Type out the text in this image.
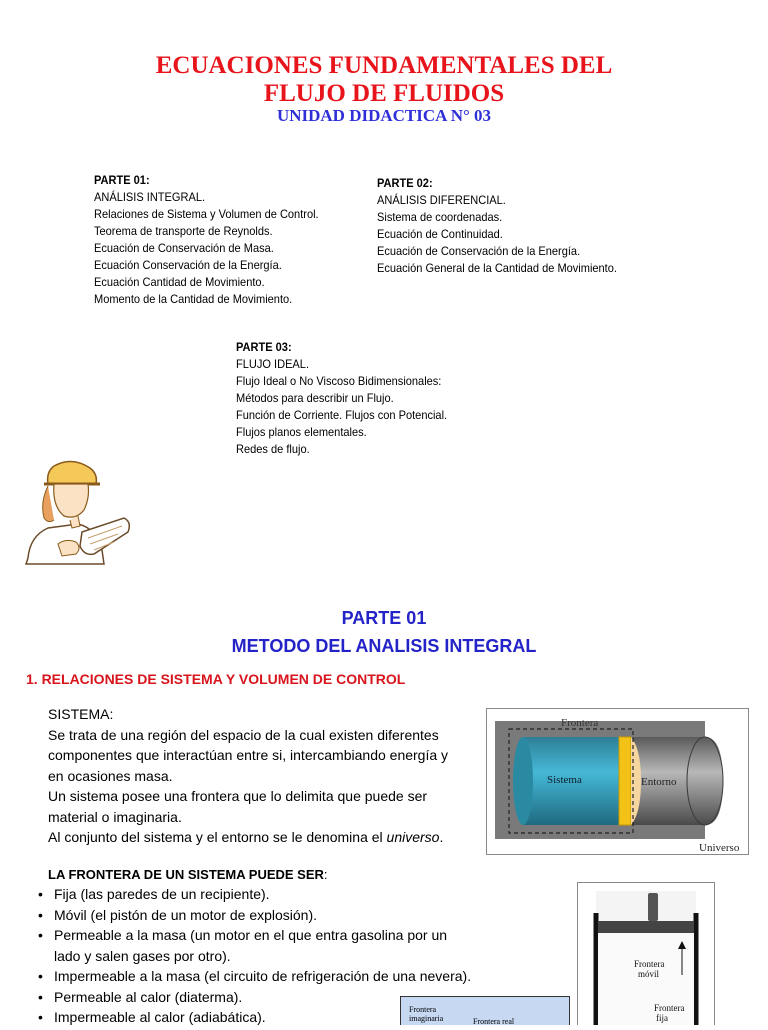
ECUACIONES FUNDAMENTALES DEL
FLUJO DE FLUIDOS
UNIDAD DIDACTICA N° 03
PARTE 01:
ANÁLISIS INTEGRAL.
Relaciones de Sistema y Volumen de Control.
Teorema de transporte de Reynolds.
Ecuación de Conservación de Masa.
Ecuación Conservación de la Energía.
Ecuación Cantidad de Movimiento.
Momento de la Cantidad de Movimiento.
PARTE 02:
ANÁLISIS DIFERENCIAL.
Sistema de coordenadas.
Ecuación de Continuidad.
Ecuación de Conservación de la Energía.
Ecuación General de la Cantidad de Movimiento.
PARTE 03:
FLUJO IDEAL.
Flujo Ideal o No Viscoso Bidimensionales:
Métodos para describir un Flujo.
Función de Corriente. Flujos con Potencial.
Flujos planos elementales.
Redes de flujo.
PARTE 01
METODO DEL ANALISIS INTEGRAL
1. RELACIONES DE SISTEMA Y VOLUMEN DE CONTROL
SISTEMA:
Se trata de una región del espacio de la cual existen diferentes
componentes que interactúan entre si, intercambiando energía y
en ocasiones masa.
Un sistema posee una frontera que lo delimita que puede ser
material o imaginaria.
Al conjunto del sistema y el entorno se le denomina el universo.
Frontera
Sistema	Entorno
Universo
LA FRONTERA DE UN SISTEMA PUEDE SER:
• Fija (las paredes de un recipiente).
• Móvil (el pistón de un motor de explosión).
• Permeable a la masa (un motor en el que entra gasolina por un
lado y salen gases por otro).
• Impermeable a la masa (el circuito de refrigeración de una nevera).
• Permeable al calor (diaterma).
• Impermeable al calor (adiabática).
Frontera
móvil
Frontera
fija
Frontera
imaginaria	Frontera real
